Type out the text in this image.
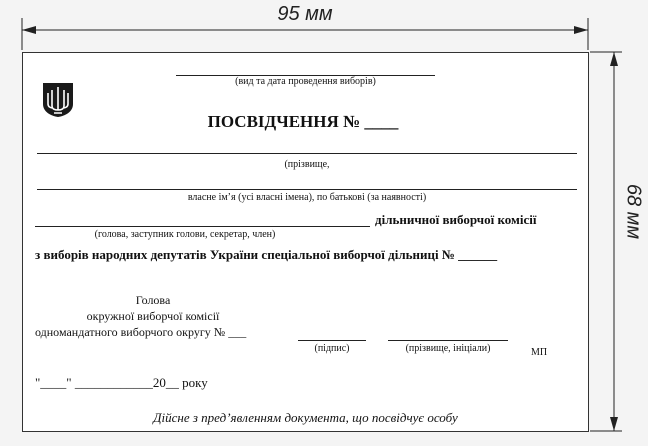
95 мм
68 мм
(вид та дата проведення виборів)
ПОСВІДЧЕННЯ № ____
(прізвище,
власне ім’я (усі власні імена), по батькові (за наявності)
дільничної виборчої комісії
(голова, заступник голови, секретар, член)
з виборів народних депутатів України спеціальної виборчої дільниці № ______
Голова
окружної виборчої комісії
одномандатного виборчого округу № ___
(підпис)	(прізвище, ініціали)	МП
"____" ____________20__ року
Дійсне з пред’явленням документа, що посвідчує особу
